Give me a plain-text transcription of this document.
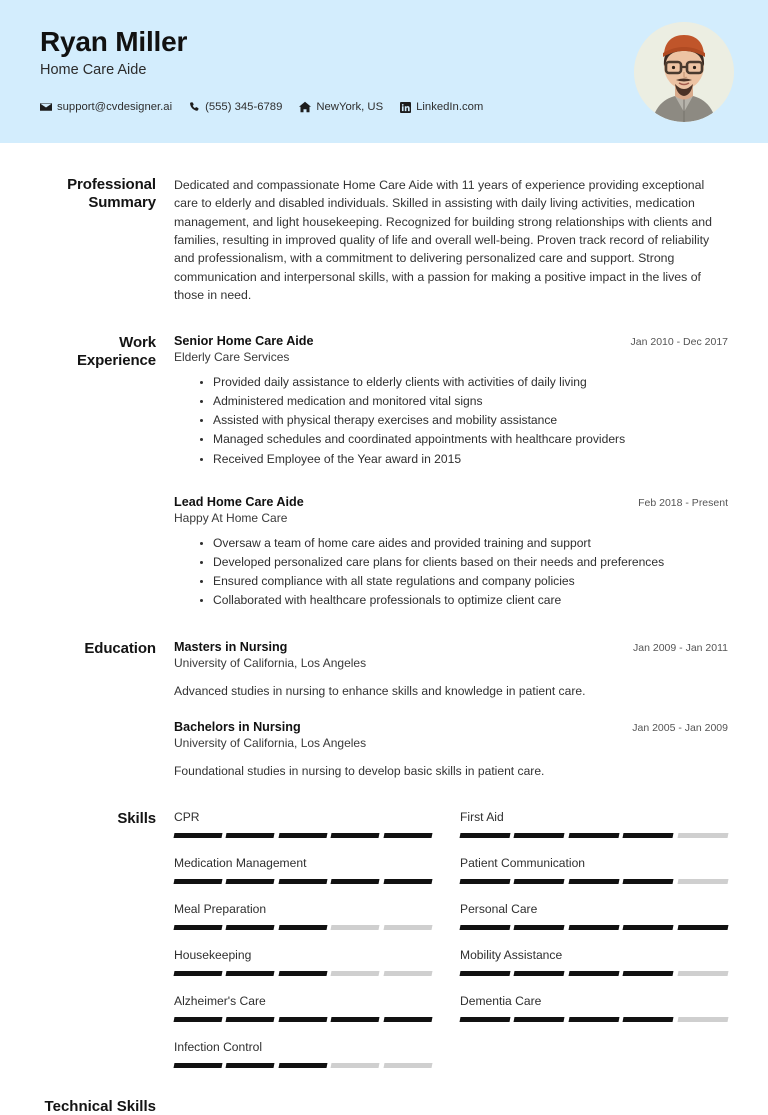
Ryan Miller
Home Care Aide
support@cvdesigner.ai	(555) 345-6789	NewYork, US	LinkedIn.com
Professional Summary
Dedicated and compassionate Home Care Aide with 11 years of experience providing exceptional care to elderly and disabled individuals. Skilled in assisting with daily living activities, medication management, and light housekeeping. Recognized for building strong relationships with clients and families, resulting in improved quality of life and overall well-being. Proven track record of reliability and professionalism, with a commitment to delivering personalized care and support. Strong communication and interpersonal skills, with a passion for making a positive impact in the lives of those in need.
Work Experience
Senior Home Care Aide	Jan 2010 - Dec 2017
Elderly Care Services
Provided daily assistance to elderly clients with activities of daily living
Administered medication and monitored vital signs
Assisted with physical therapy exercises and mobility assistance
Managed schedules and coordinated appointments with healthcare providers
Received Employee of the Year award in 2015
Lead Home Care Aide	Feb 2018 - Present
Happy At Home Care
Oversaw a team of home care aides and provided training and support
Developed personalized care plans for clients based on their needs and preferences
Ensured compliance with all state regulations and company policies
Collaborated with healthcare professionals to optimize client care
Education	Masters in Nursing	Jan 2009 - Jan 2011
University of California, Los Angeles
Advanced studies in nursing to enhance skills and knowledge in patient care.
Bachelors in Nursing	Jan 2005 - Jan 2009
University of California, Los Angeles
Foundational studies in nursing to develop basic skills in patient care.
Skills	CPR	First Aid
Medication Management	Patient Communication
Meal Preparation	Personal Care
Housekeeping	Mobility Assistance
Alzheimer's Care	Dementia Care
Infection Control
Technical Skills
